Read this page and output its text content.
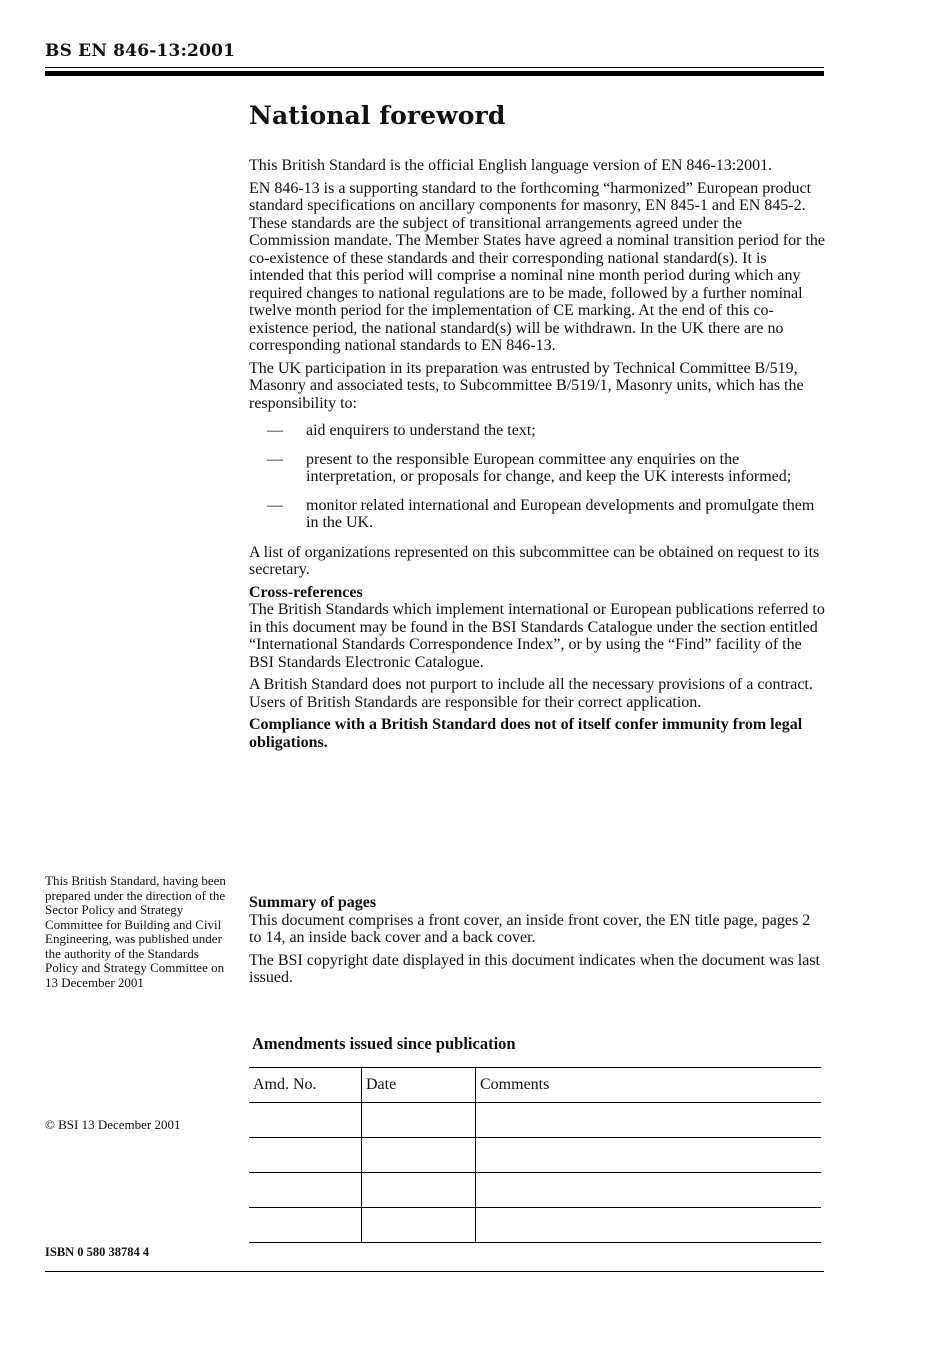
BS EN 846-13:2001
National foreword

This British Standard is the official English language version of EN 846-13:2001.

EN 846-13 is a supporting standard to the forthcoming “harmonized” European product standard specifications on ancillary components for masonry, EN 845-1 and EN 845-2. These standards are the subject of transitional arrangements agreed under the Commission mandate. The Member States have agreed a nominal transition period for the co-existence of these standards and their corresponding national standard(s). It is intended that this period will comprise a nominal nine month period during which any required changes to national regulations are to be made, followed by a further nominal twelve month period for the implementation of CE marking. At the end of this co-existence period, the national standard(s) will be withdrawn. In the UK there are no corresponding national standards to EN 846-13.

The UK participation in its preparation was entrusted by Technical Committee B/519, Masonry and associated tests, to Subcommittee B/519/1, Masonry units, which has the responsibility to:

— aid enquirers to understand the text;
— present to the responsible European committee any enquiries on the interpretation, or proposals for change, and keep the UK interests informed;
— monitor related international and European developments and promulgate them in the UK.

A list of organizations represented on this subcommittee can be obtained on request to its secretary.

Cross-references

The British Standards which implement international or European publications referred to in this document may be found in the BSI Standards Catalogue under the section entitled “International Standards Correspondence Index”, or by using the “Find” facility of the BSI Standards Electronic Catalogue.

A British Standard does not purport to include all the necessary provisions of a contract. Users of British Standards are responsible for their correct application.

Compliance with a British Standard does not of itself confer immunity from legal obligations.

Summary of pages

This document comprises a front cover, an inside front cover, the EN title page, pages 2 to 14, an inside back cover and a back cover.

The BSI copyright date displayed in this document indicates when the document was last issued.

This British Standard, having been prepared under the direction of the Sector Policy and Strategy Committee for Building and Civil Engineering, was published under the authority of the Standards Policy and Strategy Committee on 13 December 2001
© BSI 13 December 2001
ISBN 0 580 38784 4
Amendments issued since publication
Amd. No.	Date	Comments
